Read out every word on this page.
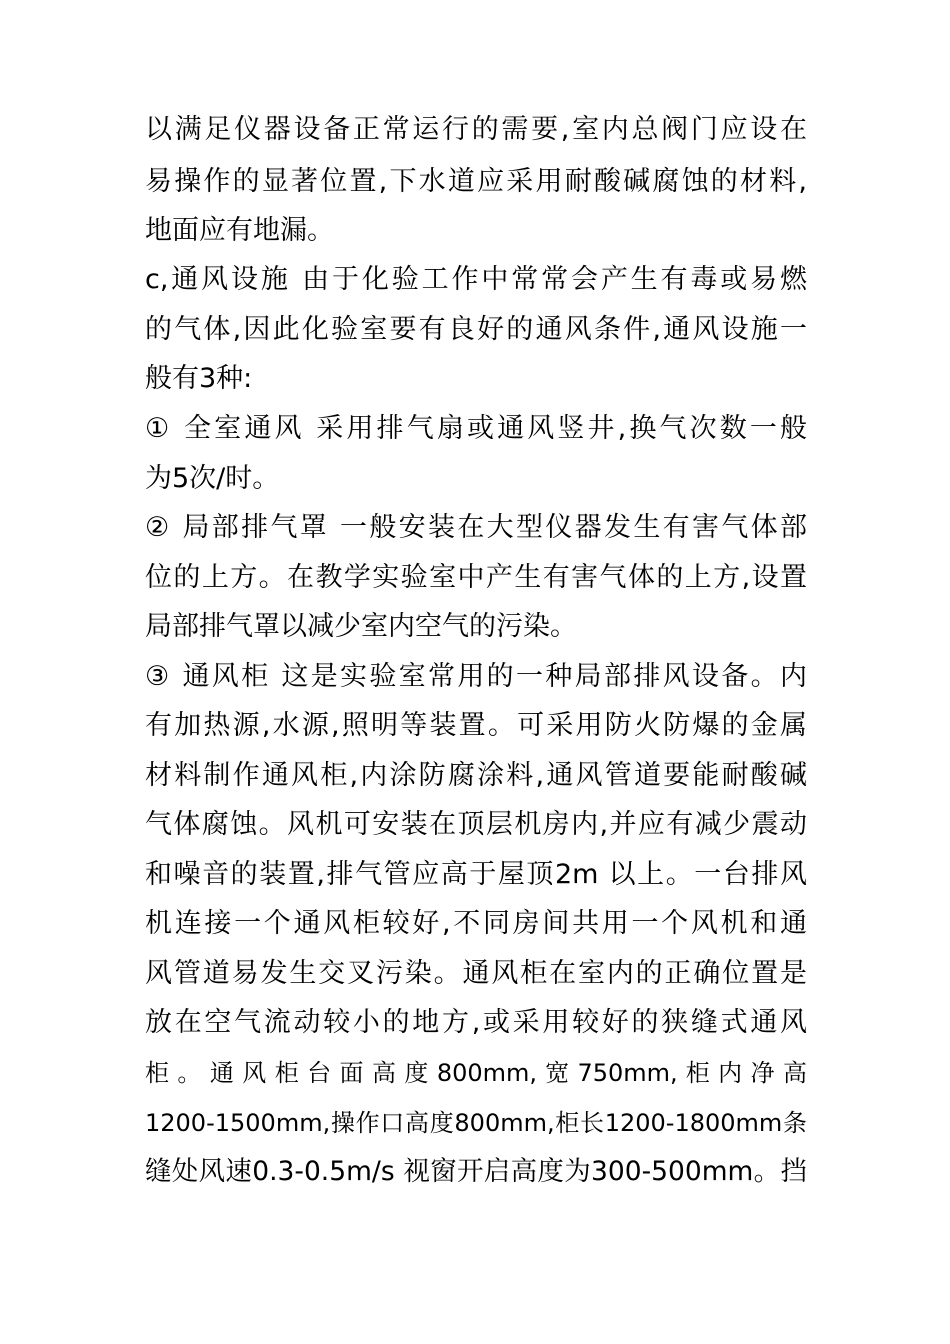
以满足仪器设备正常运行的需要,室内总阀门应设在
易操作的显著位置,下水道应采用耐酸碱腐蚀的材料,
地面应有地漏。
c,通风设施 由于化验工作中常常会产生有毒或易燃
的气体,因此化验室要有良好的通风条件,通风设施一
般有3种:
① 全室通风 采用排气扇或通风竖井,换气次数一般
为5次/时。
② 局部排气罩 一般安装在大型仪器发生有害气体部
位的上方。在教学实验室中产生有害气体的上方,设置
局部排气罩以减少室内空气的污染。
③ 通风柜 这是实验室常用的一种局部排风设备。内
有加热源,水源,照明等装置。可采用防火防爆的金属
材料制作通风柜,内涂防腐涂料,通风管道要能耐酸碱
气体腐蚀。风机可安装在顶层机房内,并应有减少震动
和噪音的装置,排气管应高于屋顶2m 以上。一台排风
机连接一个通风柜较好,不同房间共用一个风机和通
风管道易发生交叉污染。通风柜在室内的正确位置是
放在空气流动较小的地方,或采用较好的狭缝式通风
柜 。 通 风 柜 台 面 高 度 800mm, 宽 750mm, 柜 内 净 高
1200-1500mm,操作口高度800mm,柜长1200-1800mm条
缝处风速0.3-0.5m/s 视窗开启高度为300-500mm。挡
